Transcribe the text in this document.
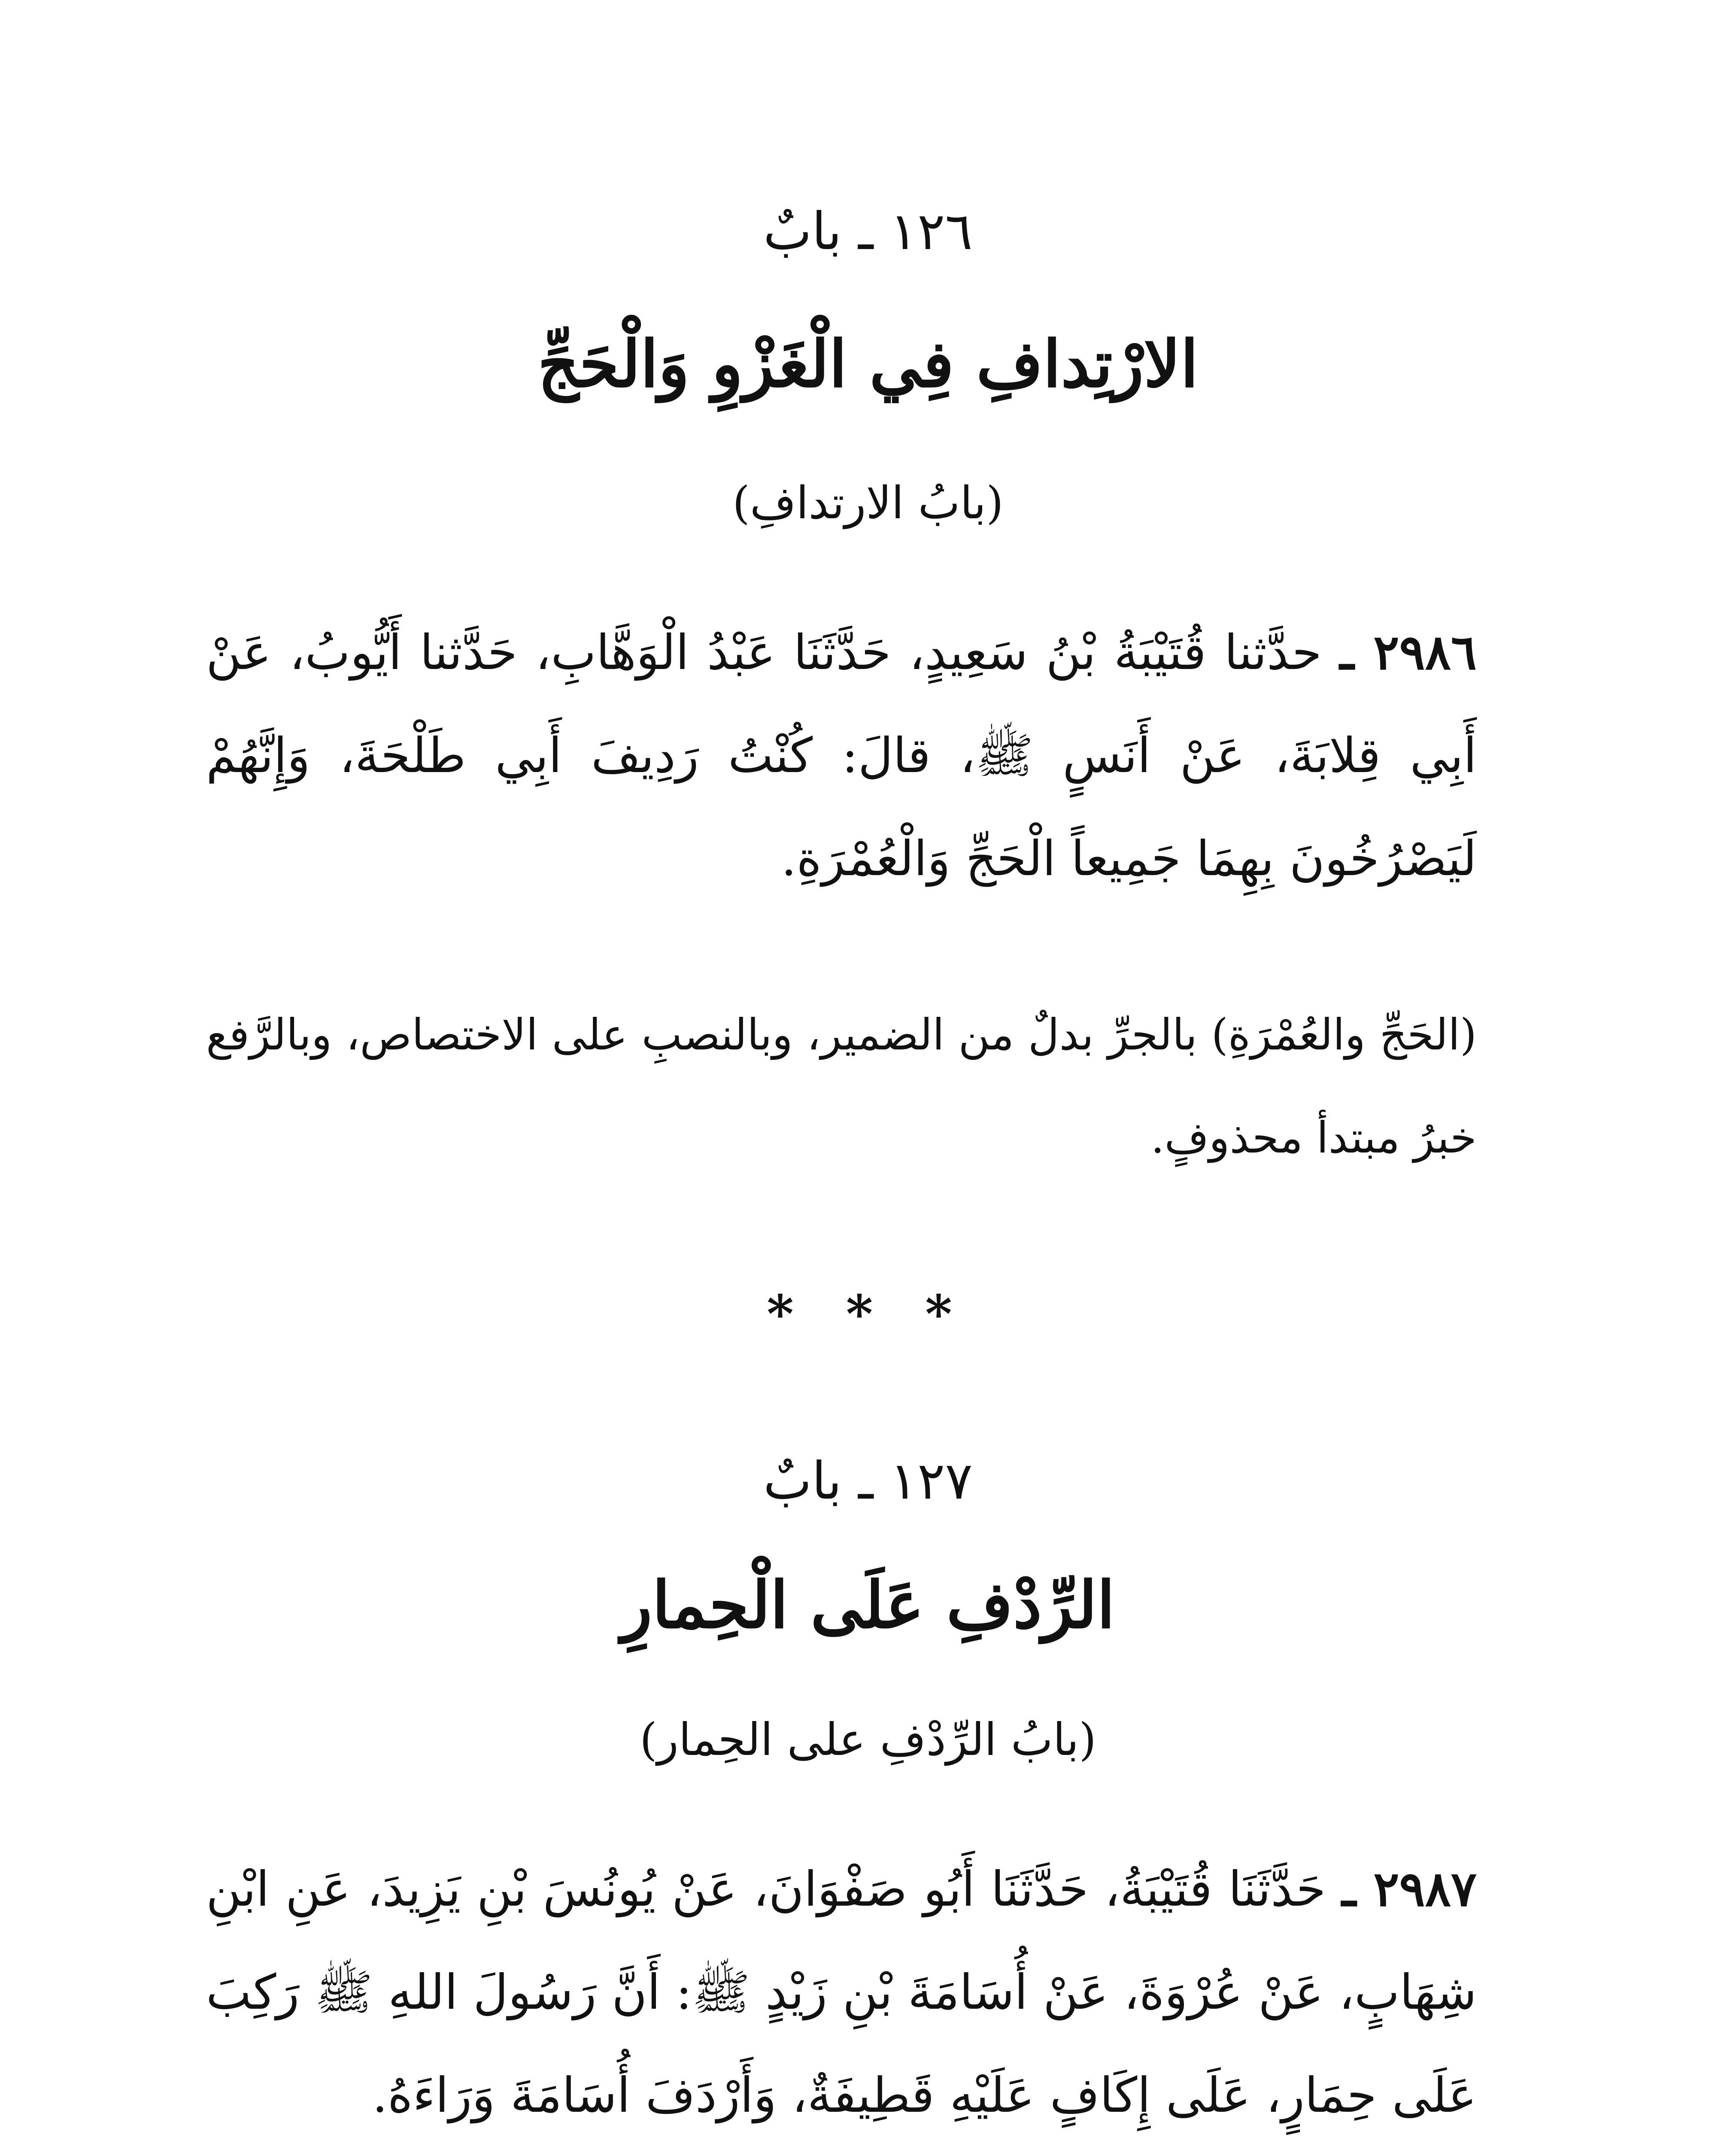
١٢٦ ـ بابٌ
الارْتِدافِ فِي الْغَزْوِ وَالْحَجِّ
(بابُ الارتدافِ)
٢٩٨٦ ـ حدَّثنا قُتَيْبَةُ بْنُ سَعِيدٍ، حَدَّثَنَا عَبْدُ الْوَهَّابِ، حَدَّثنا أَيُّوبُ، عَنْ أَبِي قِلابَةَ، عَنْ أَنَسٍ ﷺ، قالَ: كُنْتُ رَدِيفَ أَبِي طَلْحَةَ، وَإِنَّهُمْ لَيَصْرُخُونَ بِهِمَا جَمِيعاً الْحَجِّ وَالْعُمْرَةِ.
(الحَجِّ والعُمْرَةِ) بالجرِّ بدلٌ من الضمير، وبالنصبِ على الاختصاص، وبالرَّفع خبرُ مبتدأ محذوفٍ.
* * *
١٢٧ ـ بابٌ
الرِّدْفِ عَلَى الْحِمارِ
(بابُ الرِّدْفِ على الحِمار)
٢٩٨٧ ـ حَدَّثَنَا قُتَيْبَةُ، حَدَّثَنَا أَبُو صَفْوَانَ، عَنْ يُونُسَ بْنِ يَزِيدَ، عَنِ ابْنِ شِهَابٍ، عَنْ عُرْوَةَ، عَنْ أُسَامَةَ بْنِ زَيْدٍ ﷺ: أَنَّ رَسُولَ اللهِ ﷺ رَكِبَ عَلَى حِمَارٍ، عَلَى إِكَافٍ عَلَيْهِ قَطِيفَةٌ، وَأَرْدَفَ أُسَامَةَ وَرَاءَهُ.
